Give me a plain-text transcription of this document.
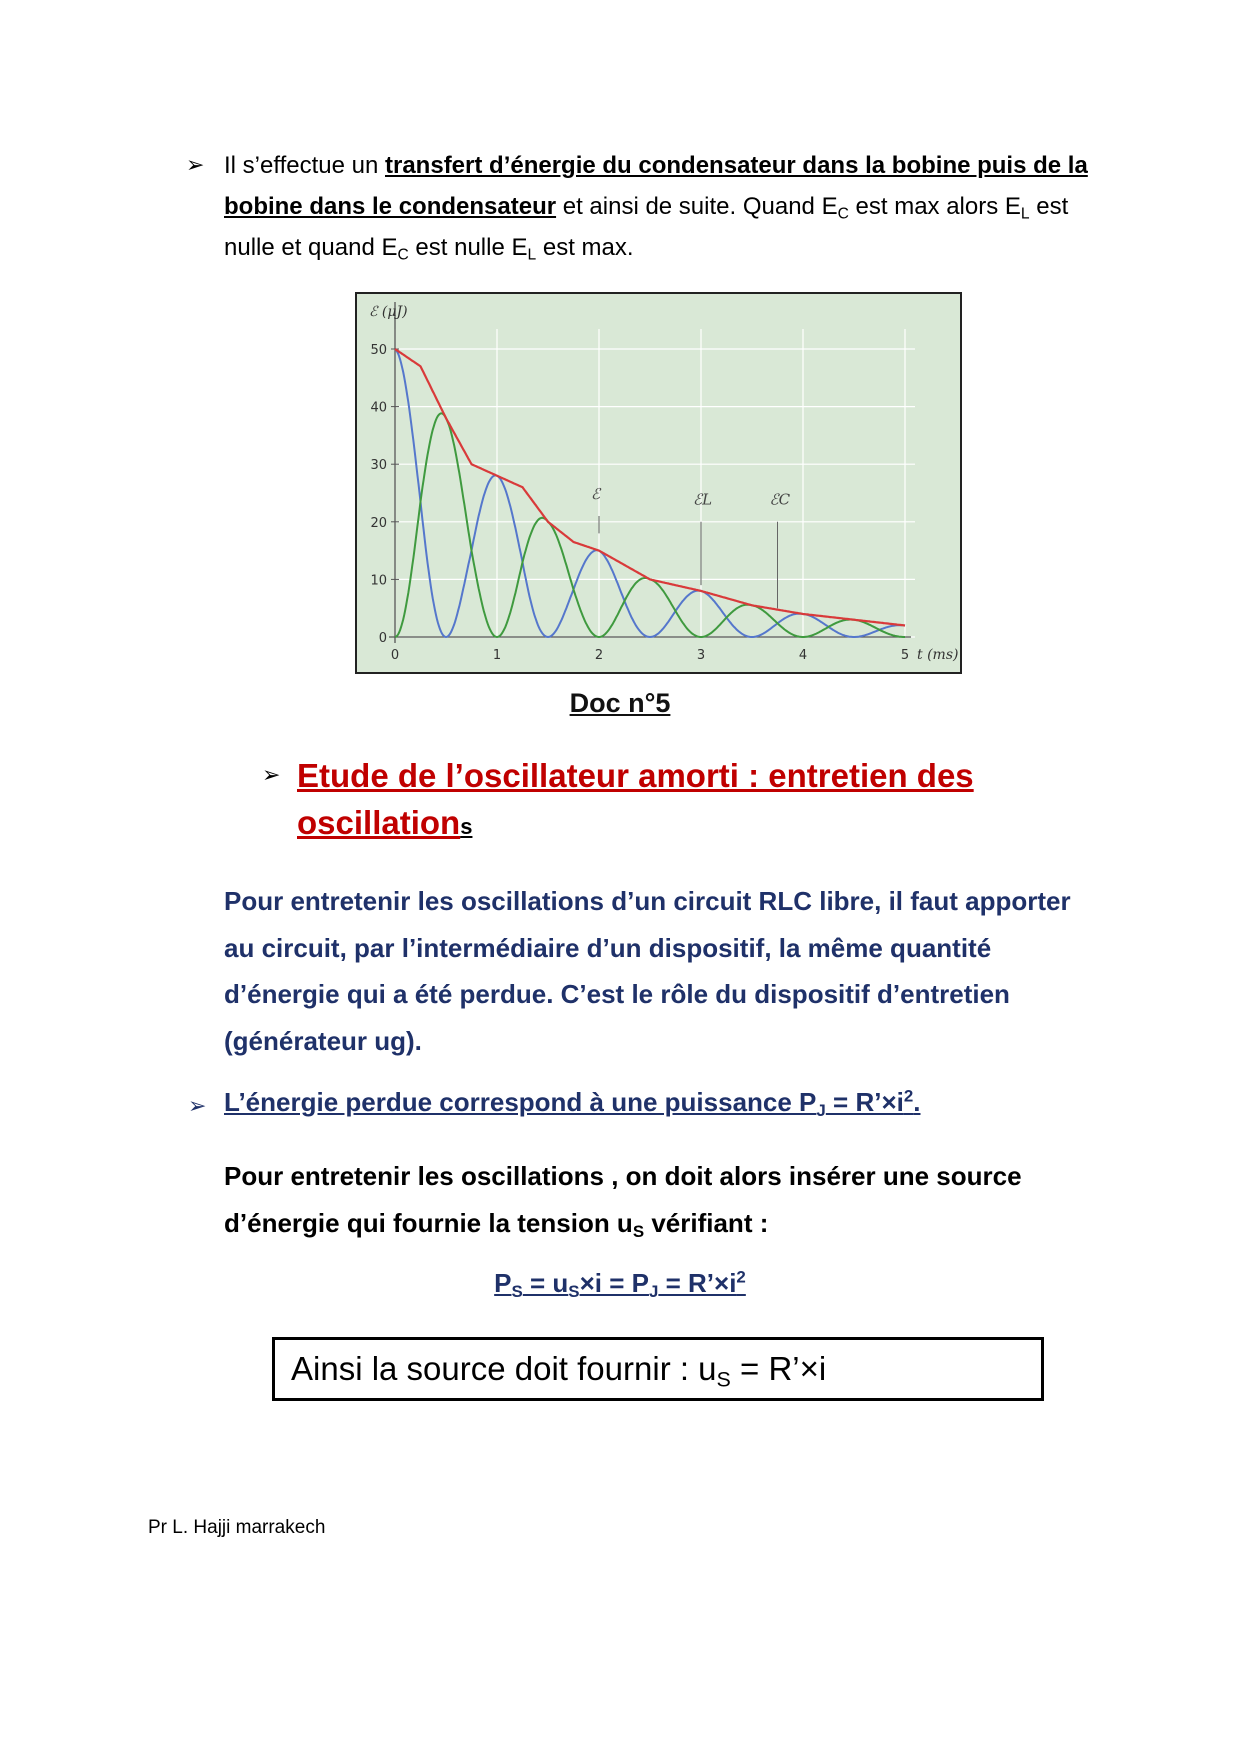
➢ Il s’effectue un transfert d’énergie du condensateur dans la bobine puis de la bobine dans le condensateur et ainsi de suite. Quand $E_C$ est max alors $E_L$ est nulle et quand $E_C$ est nulle $E_L$ est max.
0
10
20
30
40
50
0	1	2	3	4	5
ℰ (μJ)
t (ms)
ℰ	ℰL	ℰC
Doc n°5
➢ Etude de l’oscillateur amorti : entretien des oscillations
Pour entretenir les oscillations d’un circuit RLC libre, il faut apporter au circuit, par l’intermédiaire d’un dispositif, la même quantité d’énergie qui a été perdue. C’est le rôle du dispositif d’entretien (générateur ug).
➢ L’énergie perdue correspond à une puissance $P_J$ = $R’\times i^2$.
Pour entretenir les oscillations , on doit alors insérer une source d’énergie qui fournie la tension $u_S$ vérifiant :
$P_S = u_S\times i = P_J$ = $R’\times i^2$
Ainsi la source doit fournir : $u_S$ = R’×i
Pr L. Hajji marrakech
